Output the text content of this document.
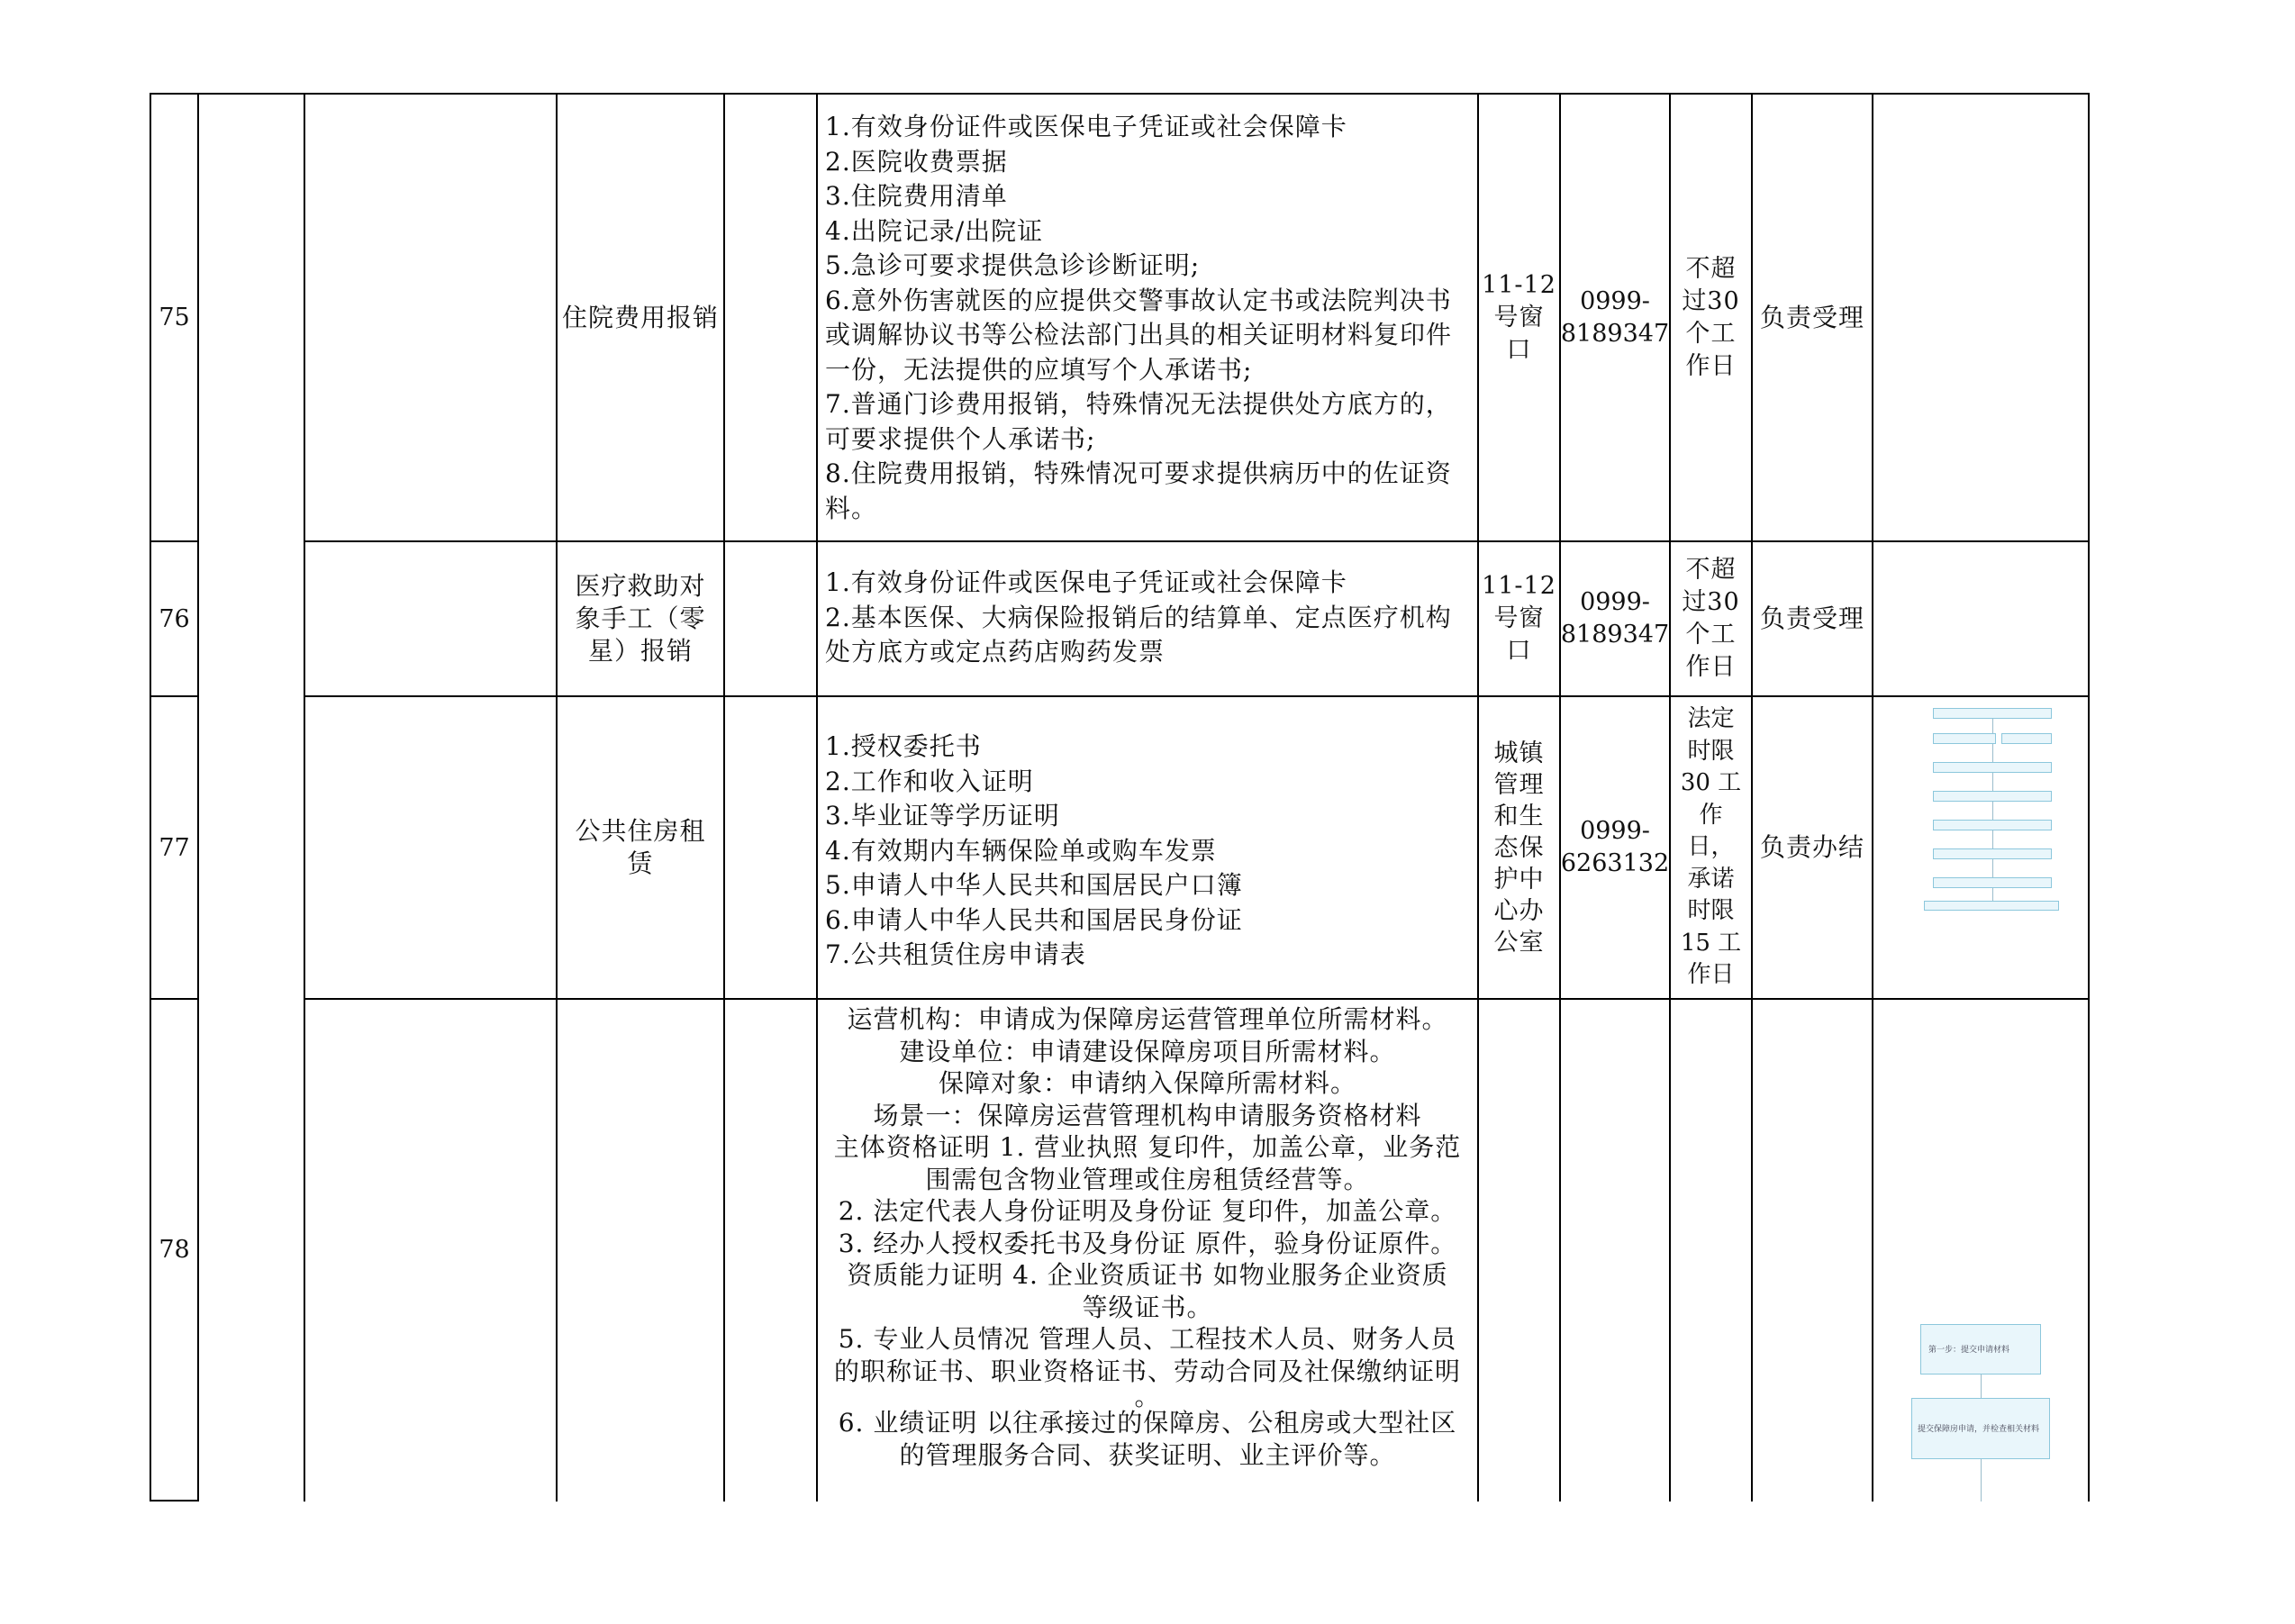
75	住院费用报销
1.有效身份证件或医保电子凭证或社会保障卡
2.医院收费票据
3.住院费用清单
4.出院记录/出院证
5.急诊可要求提供急诊诊断证明;
6.意外伤害就医的应提供交警事故认定书或法院判决书
或调解协议书等公检法部门出具的相关证明材料复印件
一份，无法提供的应填写个人承诺书;
7.普通门诊费用报销，特殊情况无法提供处方底方的，
可要求提供个人承诺书;
8.住院费用报销，特殊情况可要求提供病历中的佐证资
料。
11-12
号窗
口
0999-
8189347
不超
过30
个工
作日
负责受理
76
医疗救助对
象手工（零
星）报销
1.有效身份证件或医保电子凭证或社会保障卡
2.基本医保、大病保险报销后的结算单、定点医疗机构
处方底方或定点药店购药发票
11-12
号窗
口
0999-
8189347
不超
过30
个工
作日
负责受理
77
公共住房租
赁
1.授权委托书
2.工作和收入证明
3.毕业证等学历证明
4.有效期内车辆保险单或购车发票
5.申请人中华人民共和国居民户口簿
6.申请人中华人民共和国居民身份证
7.公共租赁住房申请表
城镇
管理
和生
态保
护中
心办
公室
0999-
6263132
法定
时限
30 工
作
日，
承诺
时限
15 工
作日
负责办结
78
运营机构：申请成为保障房运营管理单位所需材料。
建设单位：申请建设保障房项目所需材料。
保障对象：申请纳入保障所需材料。
场景一：保障房运营管理机构申请服务资格材料
主体资格证明 1. 营业执照 复印件，加盖公章，业务范
围需包含物业管理或住房租赁经营等。
2. 法定代表人身份证明及身份证 复印件，加盖公章。
3. 经办人授权委托书及身份证 原件，验身份证原件。
资质能力证明 4. 企业资质证书 如物业服务企业资质
等级证书。
5. 专业人员情况 管理人员、工程技术人员、财务人员
的职称证书、职业资格证书、劳动合同及社保缴纳证明
。
6. 业绩证明 以往承接过的保障房、公租房或大型社区
的管理服务合同、获奖证明、业主评价等。
第一步：提交申请材料
提交保障房申请，并检查相关材料
